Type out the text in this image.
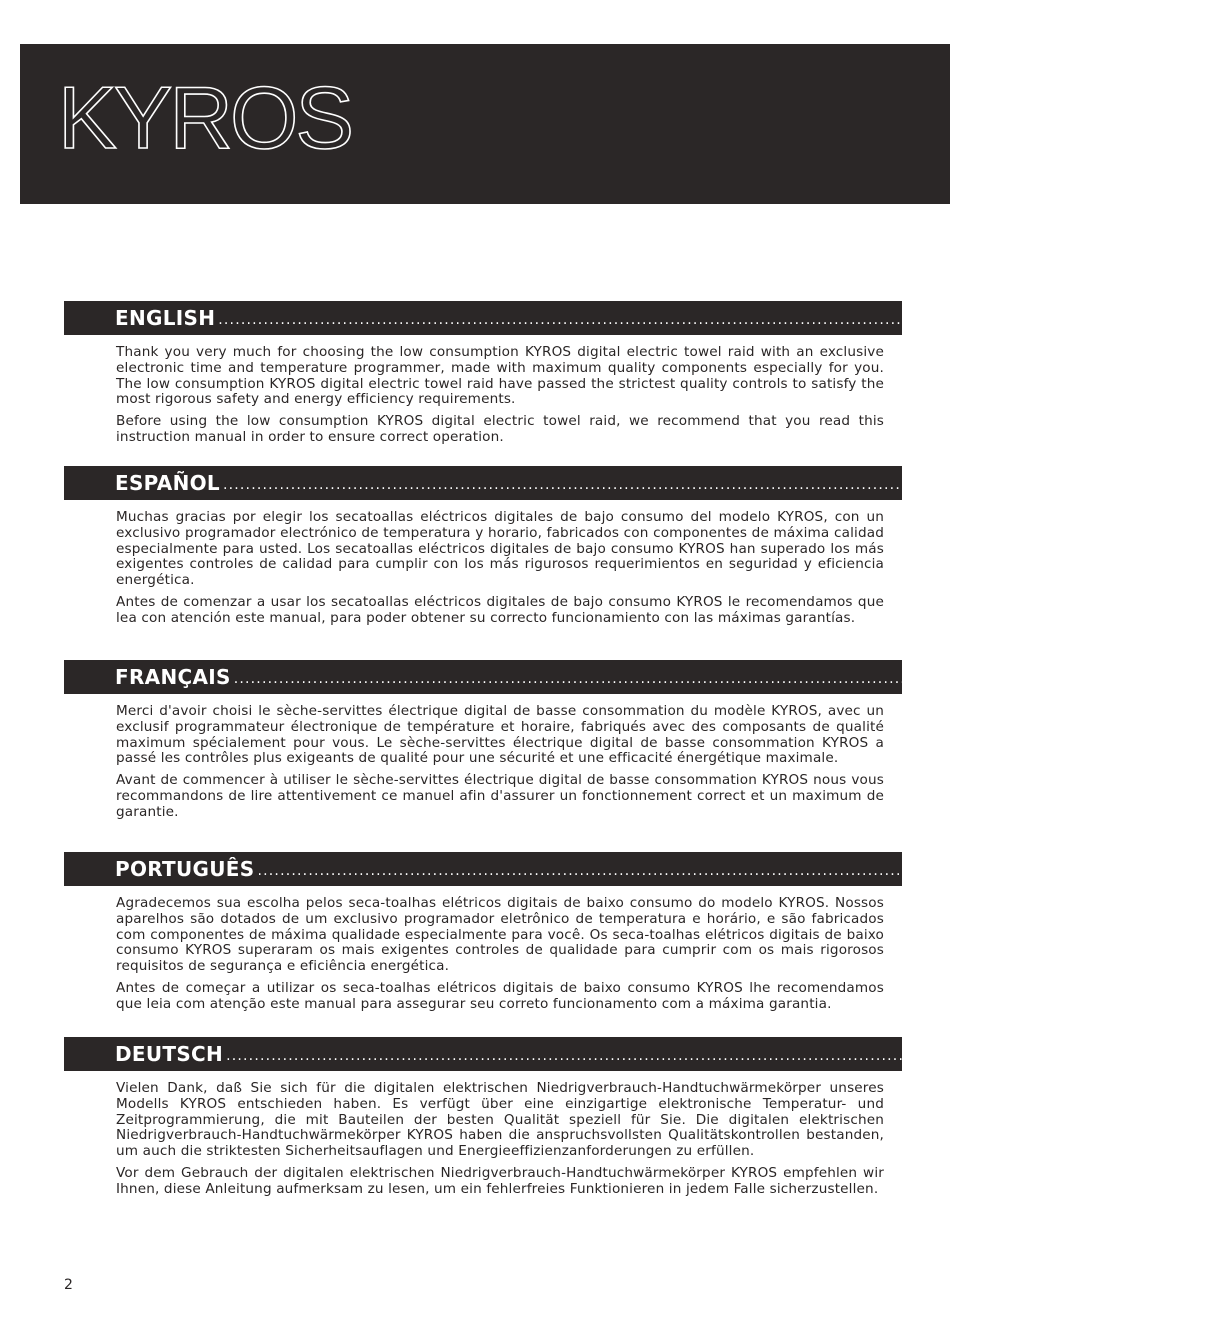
KYROS
ENGLISH ................................................................................................................................................................... 3

Thank you very much for choosing the low consumption KYROS digital electric towel raid with an exclusive electronic time and temperature programmer, made with maximum quality components especially for you. The low consumption KYROS digital electric towel raid have passed the strictest quality controls to satisfy the most rigorous safety and energy efficiency requirements.

Before using the low consumption KYROS digital electric towel raid, we recommend that you read this instruction manual in order to ensure correct operation.

ESPAÑOL ................................................................................................................................................................... 17

Muchas gracias por elegir los secatoallas eléctricos digitales de bajo consumo del modelo KYROS, con un exclusivo programador electrónico de temperatura y horario, fabricados con componentes de máxima calidad especialmente para usted. Los secatoallas eléctricos digitales de bajo consumo KYROS han superado los más exigentes controles de calidad para cumplir con los más rigurosos requerimientos en seguridad y eficiencia energética.

Antes de comenzar a usar los secatoallas eléctricos digitales de bajo consumo KYROS le recomendamos que lea con atención este manual, para poder obtener su correcto funcionamiento con las máximas garantías.

FRANÇAIS ................................................................................................................................................................... 31

Merci d'avoir choisi le sèche-servittes électrique digital de basse consommation du modèle KYROS, avec un exclusif programmateur électronique de température et horaire, fabriqués avec des composants de qualité maximum spécialement pour vous. Le sèche-servittes électrique digital de basse consommation KYROS a passé les contrôles plus exigeants de qualité pour une sécurité et une efficacité énergétique maximale.

Avant de commencer à utiliser le sèche-servittes électrique digital de basse consommation KYROS nous vous recommandons de lire attentivement ce manuel afin d'assurer un fonctionnement correct et un maximum de garantie.

PORTUGUÊS ................................................................................................................................................................... 45

Agradecemos sua escolha pelos seca-toalhas elétricos digitais de baixo consumo do modelo KYROS. Nossos aparelhos são dotados de um exclusivo programador eletrônico de temperatura e horário, e são fabricados com componentes de máxima qualidade especialmente para você. Os seca-toalhas elétricos digitais de baixo consumo KYROS superaram os mais exigentes controles de qualidade para cumprir com os mais rigorosos requisitos de segurança e eficiência energética.

Antes de começar a utilizar os seca-toalhas elétricos digitais de baixo consumo KYROS lhe recomendamos que leia com atenção este manual para assegurar seu correto funcionamento com a máxima garantia.

DEUTSCH ................................................................................................................................................................... 59

Vielen Dank, daß Sie sich für die digitalen elektrischen Niedrigverbrauch-Handtuchwärmekörper unseres Modells KYROS entschieden haben. Es verfügt über eine einzigartige elektronische Temperatur- und Zeitprogrammierung, die mit Bauteilen der besten Qualität speziell für Sie. Die digitalen elektrischen Niedrigverbrauch-Handtuchwärmekörper KYROS haben die anspruchsvollsten Qualitätskontrollen bestanden, um auch die striktesten Sicherheitsauflagen und Energieeffizienzanforderungen zu erfüllen.

Vor dem Gebrauch der digitalen elektrischen Niedrigverbrauch-Handtuchwärmekörper KYROS empfehlen wir Ihnen, diese Anleitung aufmerksam zu lesen, um ein fehlerfreies Funktionieren in jedem Falle sicherzustellen.

2
